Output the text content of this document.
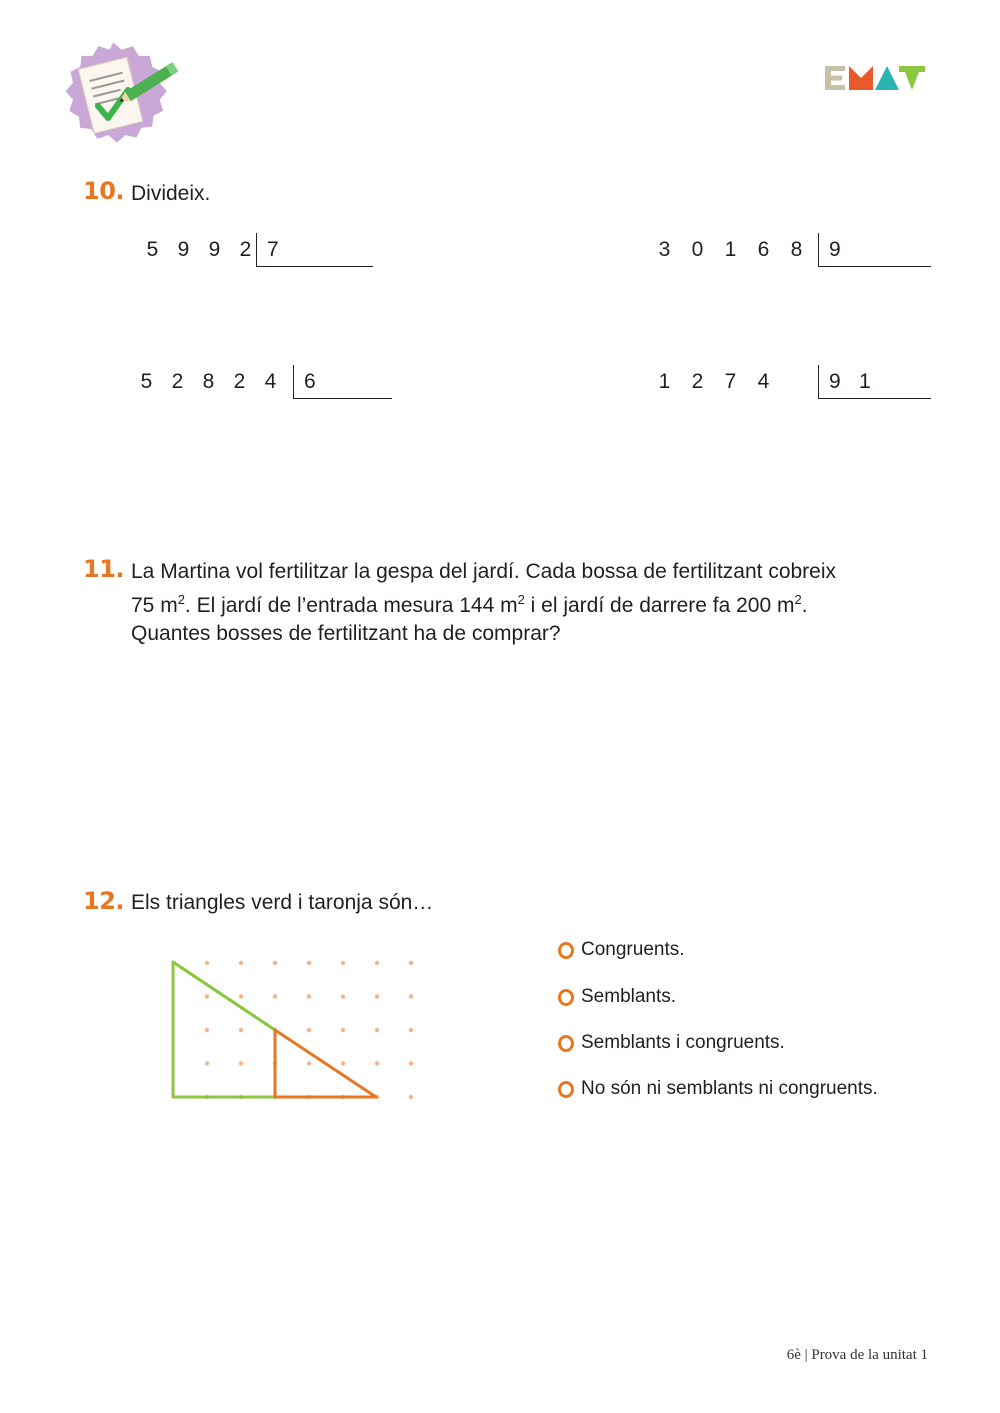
10. Divideix.
5 9 9 2 7	3 0 1 6 8	9
5 2 8 2 4	6	1 2 7 4	9 1
11. La Martina vol fertilitzar la gespa del jardí. Cada bossa de fertilitzant cobreix
75 $m^2$. El jardí de l’entrada mesura 144 $m^2$ i el jardí de darrere fa 200 $m^2$.
Quantes bosses de fertilitzant ha de comprar?
12. Els triangles verd i taronja són…
Congruents.
Semblants.
Semblants i congruents.
No són ni semblants ni congruents.
6è | Prova de la unitat 1
